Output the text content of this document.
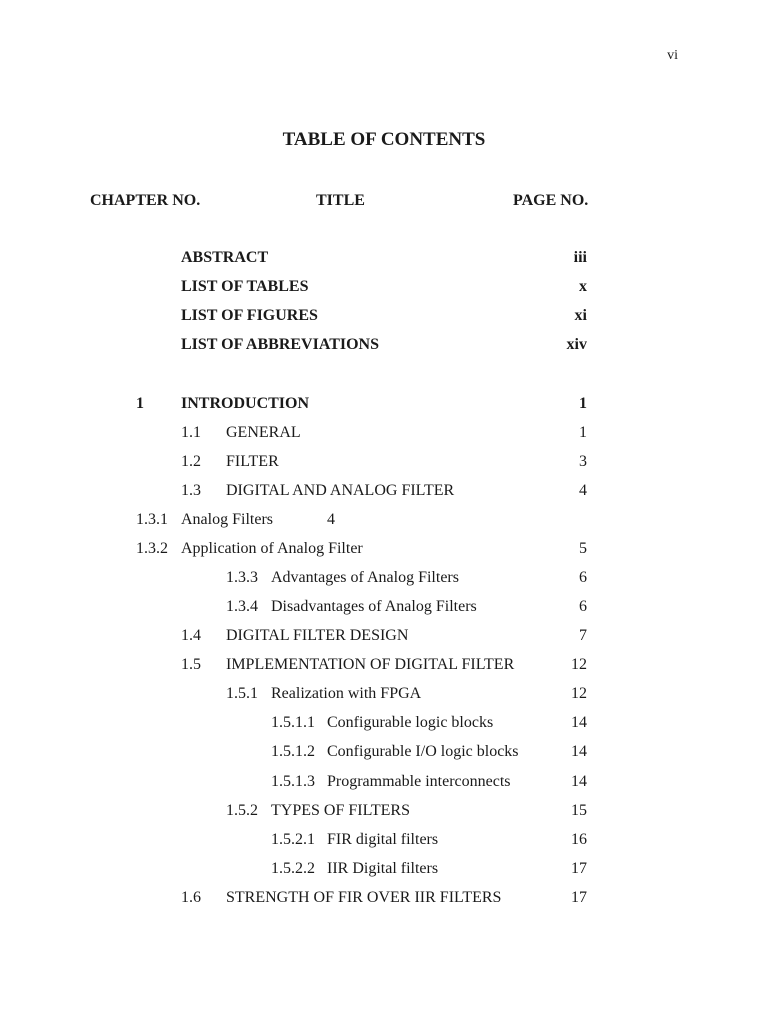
vi
TABLE OF CONTENTS
CHAPTER NO.	TITLE	PAGE NO.
ABSTRACT	iii
LIST OF TABLES	x
LIST OF FIGURES	xi
LIST OF ABBREVIATIONS	xiv
1 INTRODUCTION	1
1.1 GENERAL	1
1.2 FILTER	3
1.3 DIGITAL AND ANALOG FILTER	4
1.3.1 Analog Filters	4
1.3.2 Application of Analog Filter	5
1.3.3 Advantages of Analog Filters	6
1.3.4 Disadvantages of Analog Filters	6
1.4 DIGITAL FILTER DESIGN	7
1.5 IMPLEMENTATION OF DIGITAL FILTER	12
1.5.1 Realization with FPGA	12
1.5.1.1 Configurable logic blocks	14
1.5.1.2 Configurable I/O logic blocks	14
1.5.1.3 Programmable interconnects	14
1.5.2 TYPES OF FILTERS	15
1.5.2.1 FIR digital filters	16
1.5.2.2 IIR Digital filters	17
1.6 STRENGTH OF FIR OVER IIR FILTERS	17
